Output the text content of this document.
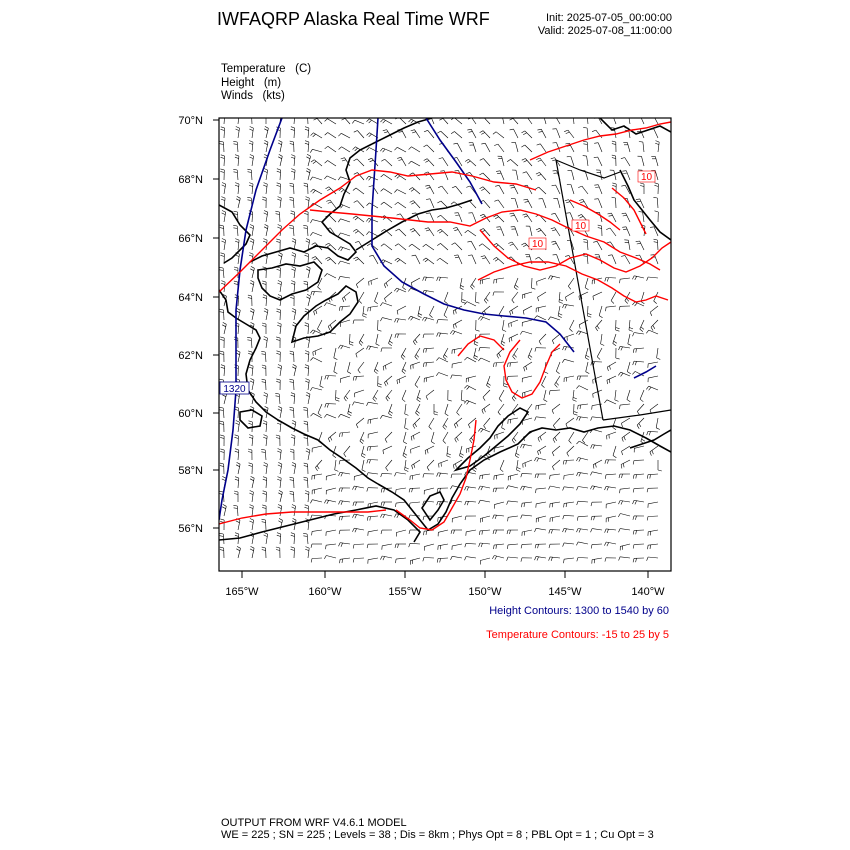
IWFAQRP Alaska Real Time WRF	Init: 2025-07-05_00:00:00
Valid: 2025-07-08_11:00:00
Temperature   (C)
Height   (m)
Winds   (kts)
70°N
68°N
66°N
64°N
62°N
60°N
58°N
56°N
165°W	160°W	155°W	150°W	145°W	140°W
1320
10
10
10
Height Contours: 1300 to 1540 by 60
Temperature Contours: -15 to 25 by 5
OUTPUT FROM WRF V4.6.1 MODEL
WE = 225 ; SN = 225 ; Levels = 38 ; Dis = 8km ; Phys Opt = 8 ; PBL Opt = 1 ; Cu Opt = 3
